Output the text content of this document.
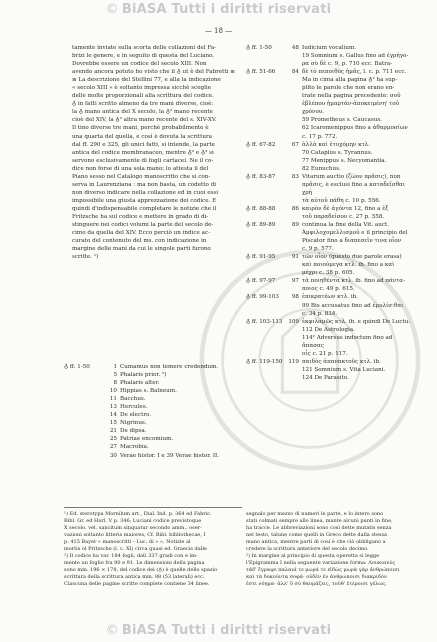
© BiASA Tutti i diritti riservati
— 18 —

tamente inviate sulla scorta delle collazioni del Fa-

brizi le genere, e in seguito di questa del Luciano.

Dovrebbe essere un codice del secolo XIII. Non

avendo ancora potuto ho visto che il ♁ ut è del Fabretti ≡

≡ La descrizione del Stellini 77, e alla la indicazione

« secolo XIII » è soltanto impressa sicchè sceglie

delle molte proporzionali alla scrittura del codice.

♁ in fatti scritto almeno da tre mani diverse, cioè:

la ♁ mano antica del X secolo, la ♁² mano recente

cioè del XIV, la ♁³ altra mano recente del s. XIV-XV.

Il tino diverse tre mani, perchè probabilmente è

una quarta del quella, e così è dovuta la scrittura

dal ff. 290 e 325, gli unici fatti, si intende, la parte

antica del codice membranaceo, mentre ♁² e ♁³ si

servono esclusivamente di fogli cartacei. Ne il co-

dice non forse di una sola mano; lo attesta il del

Piano sesso nel Catalogo manoscritto che si con-

serva in Laurenziana : ma non basta, un codetto di

non diverso indicare nella collazione ed in cuoi essi

impossibile una giusta apprezzazione dei codice. E

quindi d'indispensabile completare le notizie che il

Fritzsche ha sul codice e mettere in grado di di-

stinguere nei codici volumi la parte del secolo de-

cimo da quella del XIV. Ecco perciò un indice ac-

curato del contenuto del ms. con indicazione in

margine delle mani da cui le singole parti furono

scritte. ¹)

♁ ff. 1-50	48 Iudicium vocalium.
19 Somnium s. Gallus fino ad ἐγρήγο-
ρα σὺ δὲ c. 9, p. 710 ecc. Batra-
♁ ff. 51-66	84 δὲ τὸ πεποιθὸς ἡμᾶς, l. c. p. 711 ecc.
Ma in cima alla pagina ♁² ha sup-
plito le parole che non erano en-
trate nella pagina precedente: σοῦ
ἐβλέπου ἡμαρτάν-ἀποκειμένη' τοῦ
χρόνου.
59 Prometheus s. Caucasus.
62 Icaromenippus fino a ἀθαρμοσίων
c. 17 p. 772.
♁ ff. 67-82	67 ἀλλὰ καὶ ἐτυχόμην κτλ.
70 Cataplus s. Tyrannus.
77 Menippus s. Necyomantia.
82 Eunuchus.
♁ ff. 83-87	83 Vitarum auctio (ζώον πρᾶσις), non
πρᾶσις, è esclusi fino a καταδεῖσθαι χρὴ
τὰ αὐτοῦ πάθη c. 10 p. 556.
♁ ff. 88-88	86 καιρὸν δὲ ἀγόντα 12, fino a ἐξ
τοῦ παραδείσου c. 27 p. 558.
♁ ff. 89-89	89 continua la fine della Vit. auct.
Ἀμφιλοχομελλισμοῦ e il principio del
Piscator fino a διαπεσεῖν τινα οἶον
c. 9 p. 577.
♁ ff. 91-95	91 τῶν οἶον (questo due parole erasa)
καὶ ποιούμεγα κτλ. ib. fino a καὶ
μέχρι c. 38 p. 605.
♁ ff. 97-97	97 τὰ ποιηθέντα κτλ. ib. fino ad πάντα-
ποιος c. 49 p. 615.
♁ ff. 99-103	98 ἐπικρατέων κτλ. ib.
99 Bis accusatus fino ad ἐμυλίσ:θαι
c. 34 p. 834.
♁ ff. 103-113	109 ἐκφιλαμῶς κτλ. ib. e quindi De Luctu.
112 De Astrologia.
114² Adversus indoctum fino ad ἄπασας
οἷς c. 21 p. 117.
♁ ff. 119-150	119 παιδὸς ἀπανακτοῦς κτλ. ib.
121 Somnium s. Vita Luciani.
124 De Parasito.
♁ ff. 1-50	1 Cumamus non temere credendum.
5 Phalaris prior. ²)
8 Phalaris alter.
10 Hippias s. Balneum.
11 Bacchus.
13 Hercules.
14 De electro.
15 Nigrinus.
21 De dipsa.
25 Patriae encomium.
27 Macrobia.
30 Verae histor. I e 39 Verae histor. II.

¹) Ed. sterotypa Mornilum art., Dial. Ind. p. 364 ed Fabric.

Bibl. Gr. ed Harl. V p. 346; Luciani codice previstoque

X secolo, vel. sancitum sinquatur secondo amm., oser-

vazioni soltanto litteris maiores, Cf. Bibl. bibliothecae, I

p. 415 Bayer « manoscritti - Luc. di » », Notizie al

mortis ol Pritzsche (l. c. XI) circa quasi ed. Graecis dalle

²) Il codice ha var. 184 fogli, dati 337 gradi con e im-

mente un foglio fra 90 e 91. Le dimensioni della pagina

sono mm. 196 × 178, del codice del (♁) è quelle dello spazio

scrittura della scrittura antica mm. 88 (53 laterali) ecc.

Ciascuna delle pagine scritte complete contiene 34 linee.

segnalo per mezzo di numeri le parte, e lo intero sono

stati colmati sempre allo linea, mante alcuni punti in fine,

ha tracce. Le abbreviazioni sono così dette mutatis senza

nel testo, talune come quelli in Greco dette dalla stessa

mano antica, mentre parti di cosi è che ciò obbligano a

credere la scrittura anteriore del secolo decimo.

²) In margine al principio di questa operetta si legge

l'Epigramma I nella seguente variazione forma: Λουκιανὸς

τάδ' ἔγραψε παλαιά τε μωρά τε εἰδὼς μωρὰ γὰρ ἀνθρώποισι

καὶ τὰ δοκοῦντα σοφά· οὐδὲν ἐν ἀνθρώποισι διακριδόν

ἐστι νόημα· ἀλλ' ὃ σὺ θαυμάζεις, τοῦθ' ἑτέροισι γέλως.

© BiASA Tutti i diritti riservati
